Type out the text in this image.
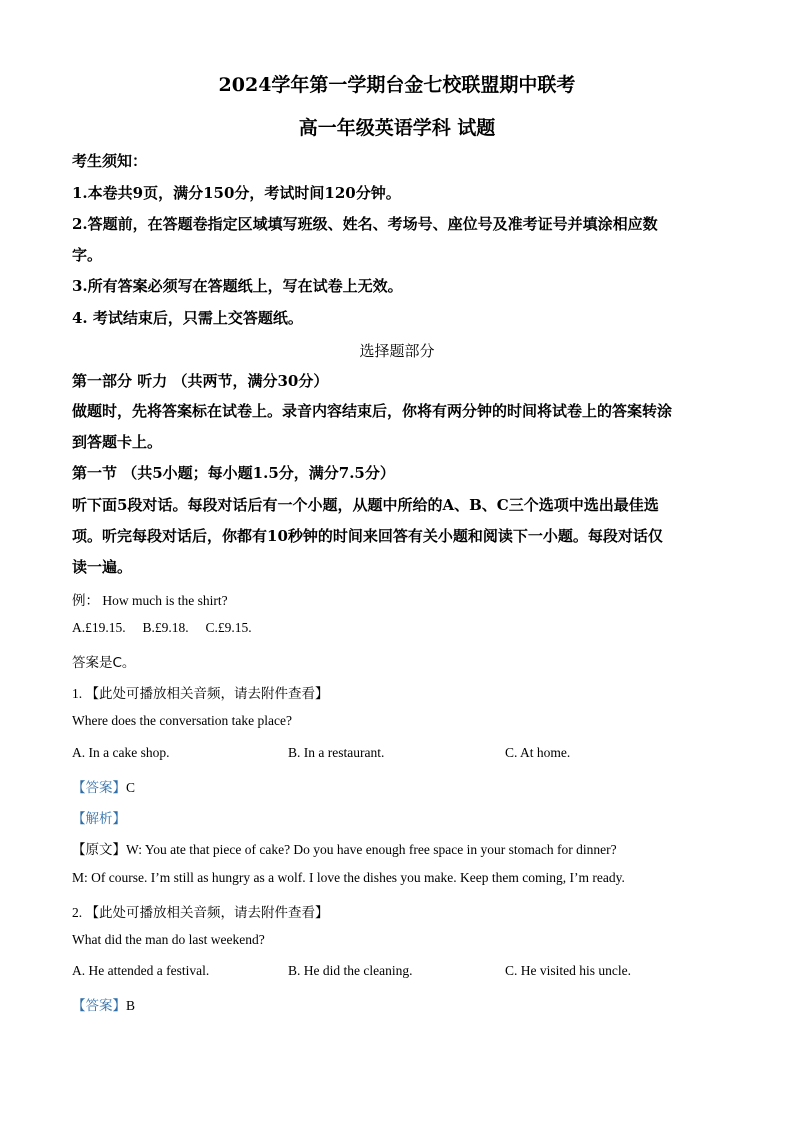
2024学年第一学期台金七校联盟期中联考
高一年级英语学科 试题
考生须知：
1.本卷共9页，满分150分，考试时间120分钟。
2.答题前，在答题卷指定区域填写班级、姓名、考场号、座位号及准考证号并填涂相应数
字。
3.所有答案必须写在答题纸上，写在试卷上无效。
4. 考试结束后，只需上交答题纸。
选择题部分
第一部分 听力 （共两节，满分30分）
做题时，先将答案标在试卷上。录音内容结束后，你将有两分钟的时间将试卷上的答案转涂
到答题卡上。
第一节 （共5小题；每小题1.5分，满分7.5分）
听下面5段对话。每段对话后有一个小题，从题中所给的A、B、C三个选项中选出最佳选
项。听完每段对话后，你都有10秒钟的时间来回答有关小题和阅读下一小题。每段对话仅
读一遍。
例： How much is the shirt?
A.£19.15.     B.£9.18.     C.£9.15.
答案是C。
1. 【此处可播放相关音频，请去附件查看】
Where does the conversation take place?
A. In a cake shop.	B. In a restaurant.	C. At home.
【答案】C
【解析】
【原文】W: You ate that piece of cake? Do you have enough free space in your stomach for dinner?
M: Of course. I’m still as hungry as a wolf. I love the dishes you make. Keep them coming, I’m ready.
2. 【此处可播放相关音频，请去附件查看】
What did the man do last weekend?
A. He attended a festival.	B. He did the cleaning.	C. He visited his uncle.
【答案】B
